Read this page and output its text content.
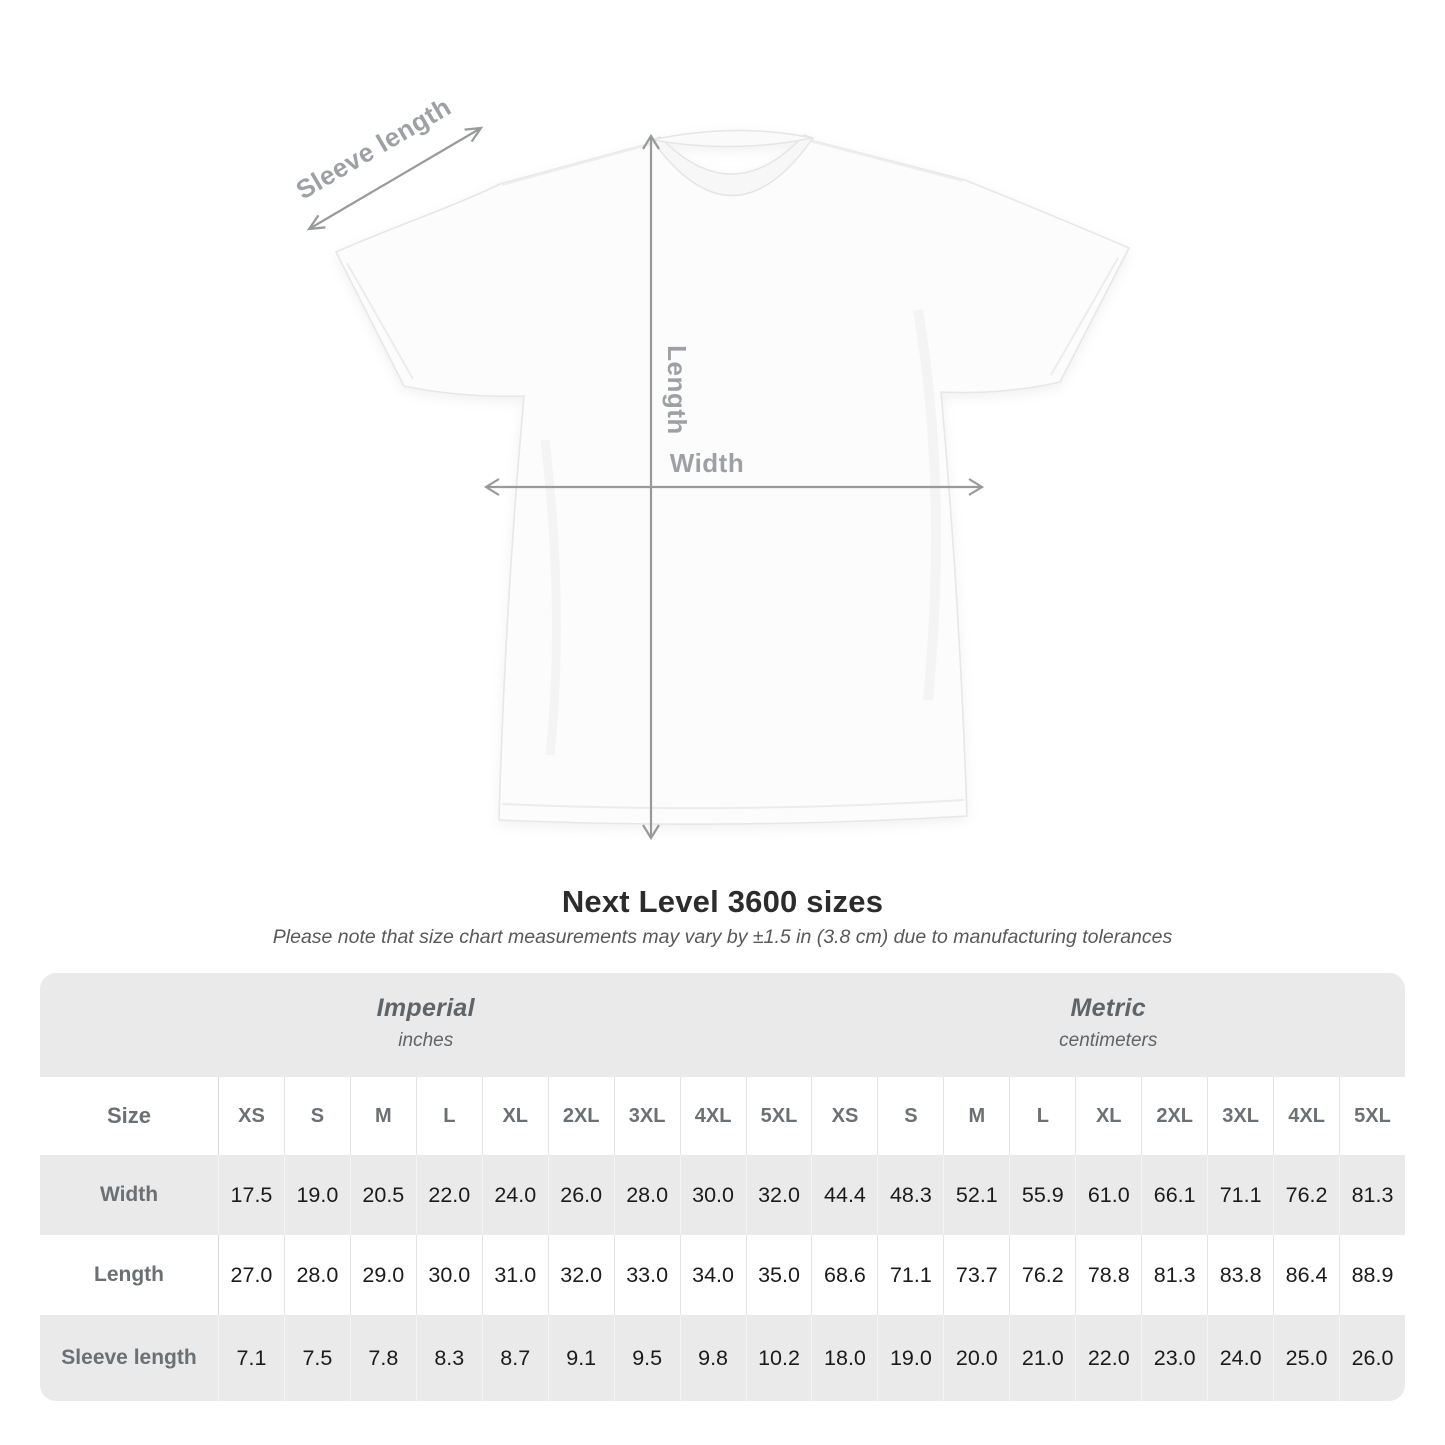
Length
Width
Sleeve length
Next Level 3600 sizes

Please note that size chart measurements may vary by ±1.5 in (3.8 cm) due to manufacturing tolerances

Imperial
inches
Metric
centimeters
Size	XS	S	M	L	XL	2XL	3XL	4XL	5XL	XS	S	M	L	XL	2XL	3XL	4XL	5XL
Width	17.5	19.0	20.5	22.0	24.0	26.0	28.0	30.0	32.0	44.4	48.3	52.1	55.9	61.0	66.1	71.1	76.2	81.3
Length	27.0	28.0	29.0	30.0	31.0	32.0	33.0	34.0	35.0	68.6	71.1	73.7	76.2	78.8	81.3	83.8	86.4	88.9
Sleeve length	7.1	7.5	7.8	8.3	8.7	9.1	9.5	9.8	10.2	18.0	19.0	20.0	21.0	22.0	23.0	24.0	25.0	26.0
